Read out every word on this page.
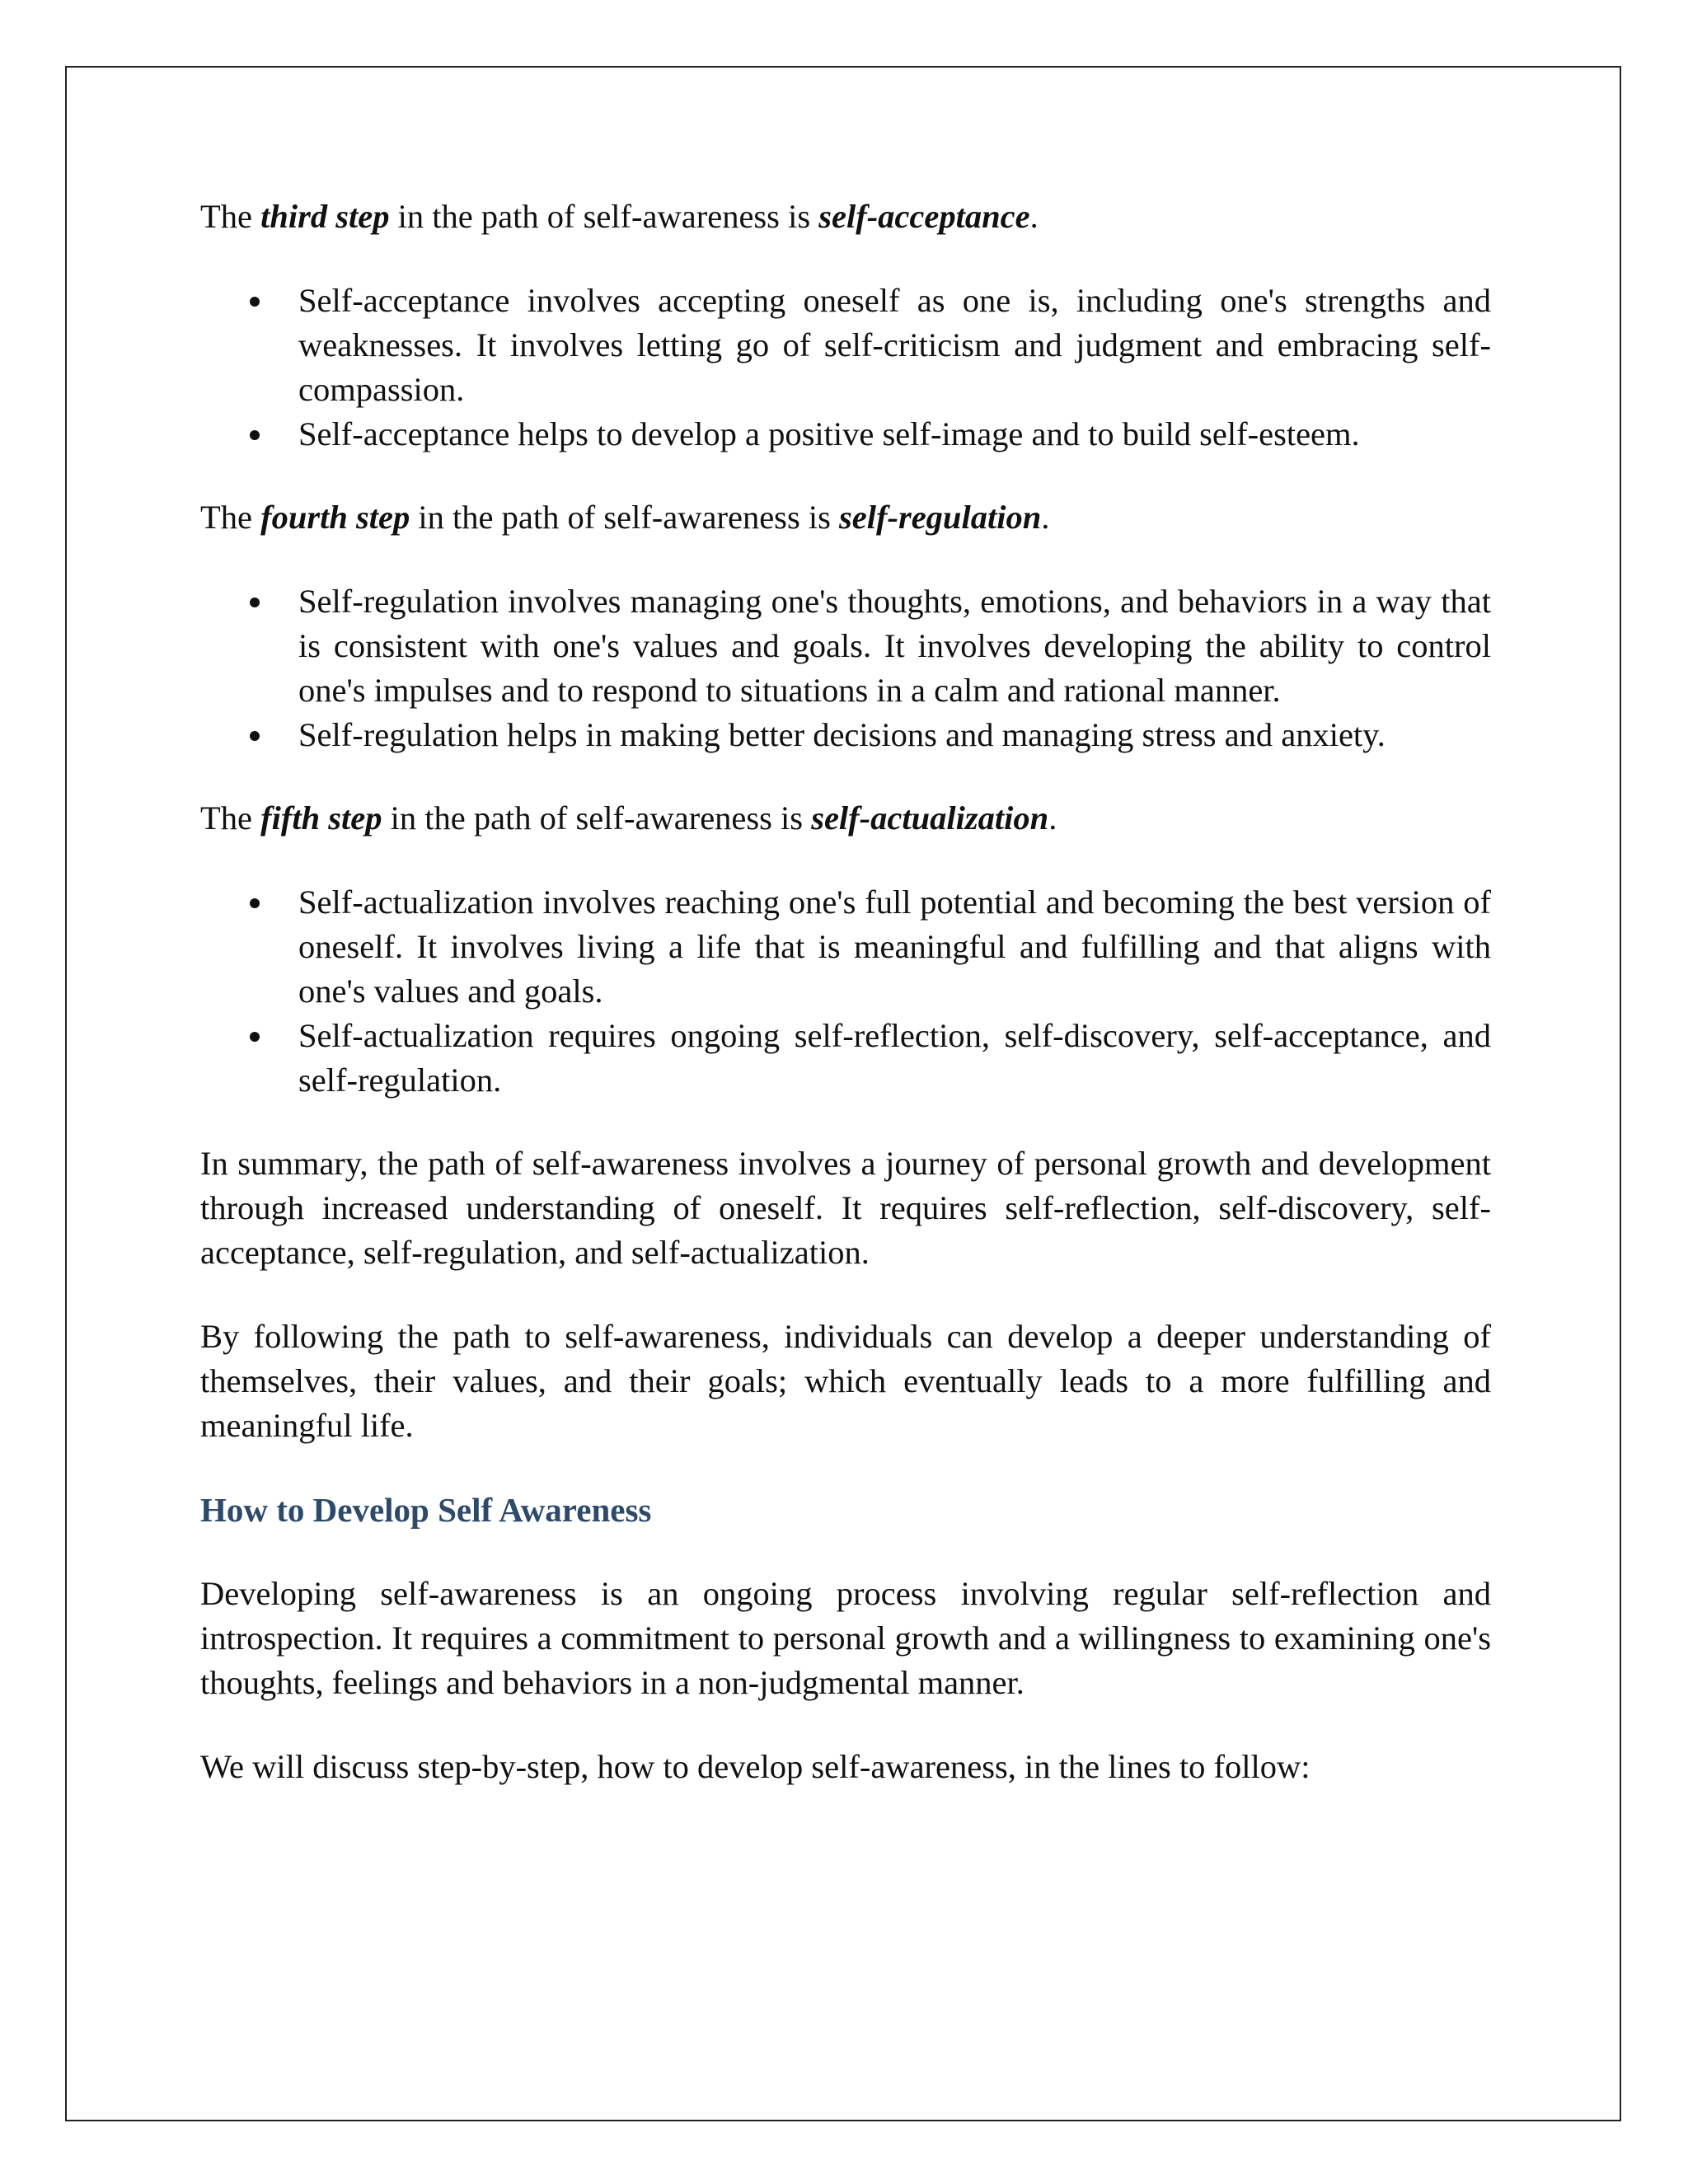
The third step in the path of self-awareness is self-acceptance.

Self-acceptance involves accepting oneself as one is, including one's strengths and weaknesses. It involves letting go of self-criticism and judgment and embracing self-compassion.
Self-acceptance helps to develop a positive self-image and to build self-esteem.

The fourth step in the path of self-awareness is self-regulation.

Self-regulation involves managing one's thoughts, emotions, and behaviors in a way that is consistent with one's values and goals. It involves developing the ability to control one's impulses and to respond to situations in a calm and rational manner.
Self-regulation helps in making better decisions and managing stress and anxiety.

The fifth step in the path of self-awareness is self-actualization.

Self-actualization involves reaching one's full potential and becoming the best version of oneself. It involves living a life that is meaningful and fulfilling and that aligns with one's values and goals.
Self-actualization requires ongoing self-reflection, self-discovery, self-acceptance, and self-regulation.

In summary, the path of self-awareness involves a journey of personal growth and development through increased understanding of oneself. It requires self-reflection, self-discovery, self-acceptance, self-regulation, and self-actualization.

By following the path to self-awareness, individuals can develop a deeper understanding of themselves, their values, and their goals; which eventually leads to a more fulfilling and meaningful life.

How to Develop Self Awareness

Developing self-awareness is an ongoing process involving regular self-reflection and introspection. It requires a commitment to personal growth and a willingness to examining one's thoughts, feelings and behaviors in a non-judgmental manner.

We will discuss step-by-step, how to develop self-awareness, in the lines to follow:
